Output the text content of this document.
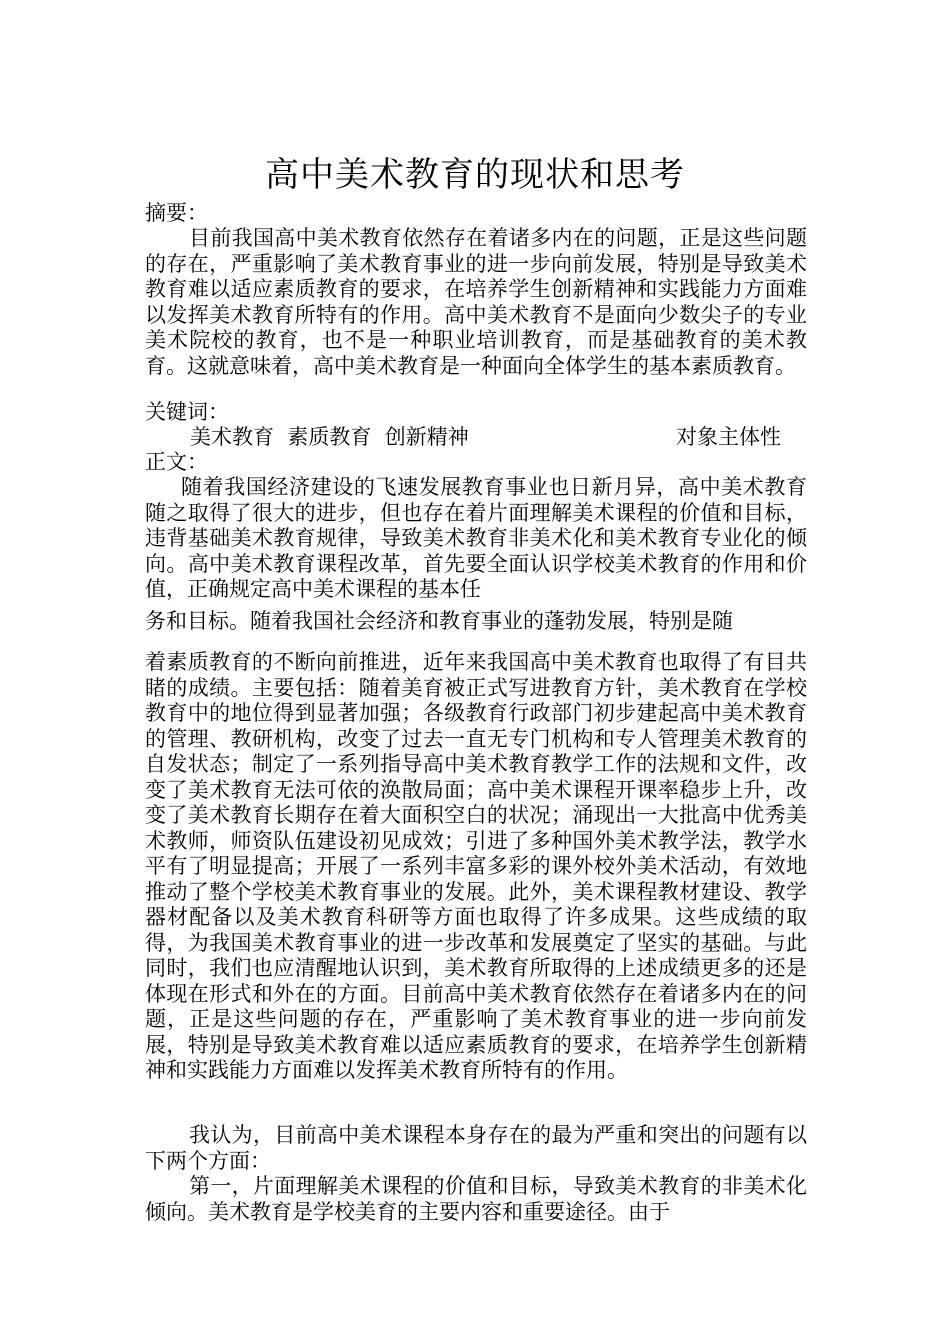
高中美术教育的现状和思考
摘要：
目前我国高中美术教育依然存在着诸多内在的问题，正是这些问题的存在，严重影响了美术教育事业的进一步向前发展，特别是导致美术教育难以适应素质教育的要求，在培养学生创新精神和实践能力方面难以发挥美术教育所特有的作用。高中美术教育不是面向少数尖子的专业美术院校的教育，也不是一种职业培训教育，而是基础教育的美术教育。这就意味着，高中美术教育是一种面向全体学生的基本素质教育。
关键词：
美术教育  素质教育  创新精神	对象主体性
正文：
随着我国经济建设的飞速发展教育事业也日新月异，高中美术教育随之取得了很大的进步，但也存在着片面理解美术课程的价值和目标，违背基础美术教育规律，导致美术教育非美术化和美术教育专业化的倾向。高中美术教育课程改革，首先要全面认识学校美术教育的作用和价值，正确规定高中美术课程的基本任
务和目标。随着我国社会经济和教育事业的蓬勃发展，特别是随
着素质教育的不断向前推进，近年来我国高中美术教育也取得了有目共睹的成绩。主要包括：随着美育被正式写进教育方针，美术教育在学校教育中的地位得到显著加强；各级教育行政部门初步建起高中美术教育的管理、教研机构，改变了过去一直无专门机构和专人管理美术教育的自发状态；制定了一系列指导高中美术教育教学工作的法规和文件，改变了美术教育无法可依的涣散局面；高中美术课程开课率稳步上升，改变了美术教育长期存在着大面积空白的状况；涌现出一大批高中优秀美术教师，师资队伍建设初见成效；引进了多种国外美术教学法，教学水平有了明显提高；开展了一系列丰富多彩的课外校外美术活动，有效地推动了整个学校美术教育事业的发展。此外，美术课程教材建设、教学器材配备以及美术教育科研等方面也取得了许多成果。这些成绩的取得，为我国美术教育事业的进一步改革和发展奠定了坚实的基础。与此同时，我们也应清醒地认识到，美术教育所取得的上述成绩更多的还是体现在形式和外在的方面。目前高中美术教育依然存在着诸多内在的问题，正是这些问题的存在，严重影响了美术教育事业的进一步向前发展，特别是导致美术教育难以适应素质教育的要求，在培养学生创新精神和实践能力方面难以发挥美术教育所特有的作用。
我认为，目前高中美术课程本身存在的最为严重和突出的问题有以下两个方面：
第一，片面理解美术课程的价值和目标，导致美术教育的非美术化倾向。美术教育是学校美育的主要内容和重要途径。由于
